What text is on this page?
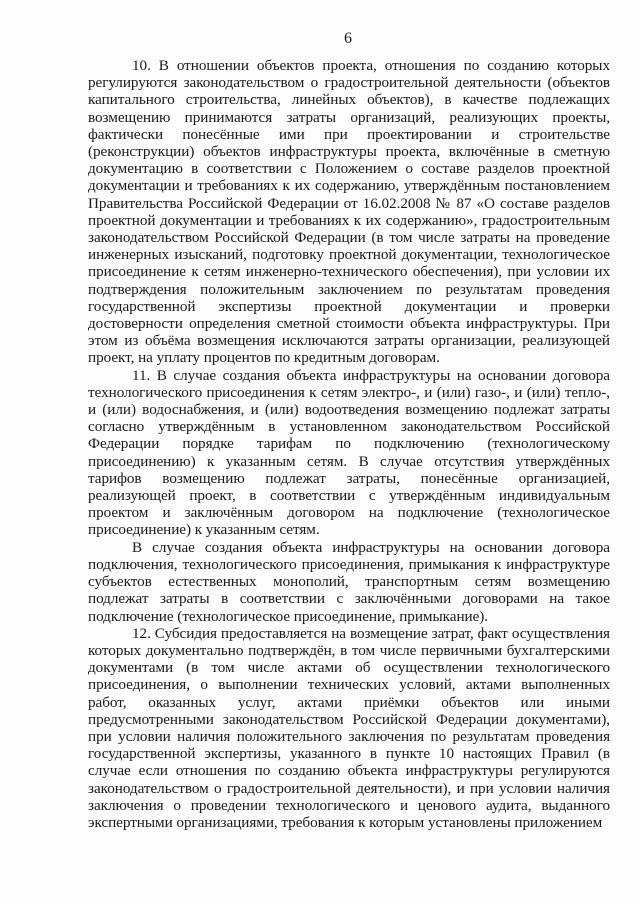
6

10. В отношении объектов проекта, отношения по созданию которых регулируются законодательством о градостроительной деятельности (объектов капитального строительства, линейных объектов), в качестве подлежащих возмещению принимаются затраты организаций, реализующих проекты, фактически понесённые ими при проектировании и строительстве (реконструкции) объектов инфраструктуры проекта, включённые в сметную документацию в соответствии с Положением о составе разделов проектной документации и требованиях к их содержанию, утверждённым постановлением Правительства Российской Федерации от 16.02.2008 № 87 «О составе разделов проектной документации и требованиях к их содержанию», градостроительным законодательством Российской Федерации (в том числе затраты на проведение инженерных изысканий, подготовку проектной документации, технологическое присоединение к сетям инженерно-технического обеспечения), при условии их подтверждения положительным заключением по результатам проведения государственной экспертизы проектной документации и проверки достоверности определения сметной стоимости объекта инфраструктуры. При этом из объёма возмещения исключаются затраты организации, реализующей проект, на уплату процентов по кредитным договорам.

11. В случае создания объекта инфраструктуры на основании договора технологического присоединения к сетям электро-, и (или) газо-, и (или) тепло-, и (или) водоснабжения, и (или) водоотведения возмещению подлежат затраты согласно утверждённым в установленном законодательством Российской Федерации порядке тарифам по подключению (технологическому присоединению) к указанным сетям. В случае отсутствия утверждённых тарифов возмещению подлежат затраты, понесённые организацией, реализующей проект, в соответствии с утверждённым индивидуальным проектом и заключённым договором на подключение (технологическое присоединение) к указанным сетям.

В случае создания объекта инфраструктуры на основании договора подключения, технологического присоединения, примыкания к инфраструктуре субъектов естественных монополий, транспортным сетям возмещению подлежат затраты в соответствии с заключёнными договорами на такое подключение (технологическое присоединение, примыкание).

12. Субсидия предоставляется на возмещение затрат, факт осуществления которых документально подтверждён, в том числе первичными бухгалтерскими документами (в том числе актами об осуществлении технологического присоединения, о выполнении технических условий, актами выполненных работ, оказанных услуг, актами приёмки объектов или иными предусмотренными законодательством Российской Федерации документами), при условии наличия положительного заключения по результатам проведения государственной экспертизы, указанного в пункте 10 настоящих Правил (в случае если отношения по созданию объекта инфраструктуры регулируются законодательством о градостроительной деятельности), и при условии наличия заключения о проведении технологического и ценового аудита, выданного экспертными организациями, требования к которым установлены приложением
